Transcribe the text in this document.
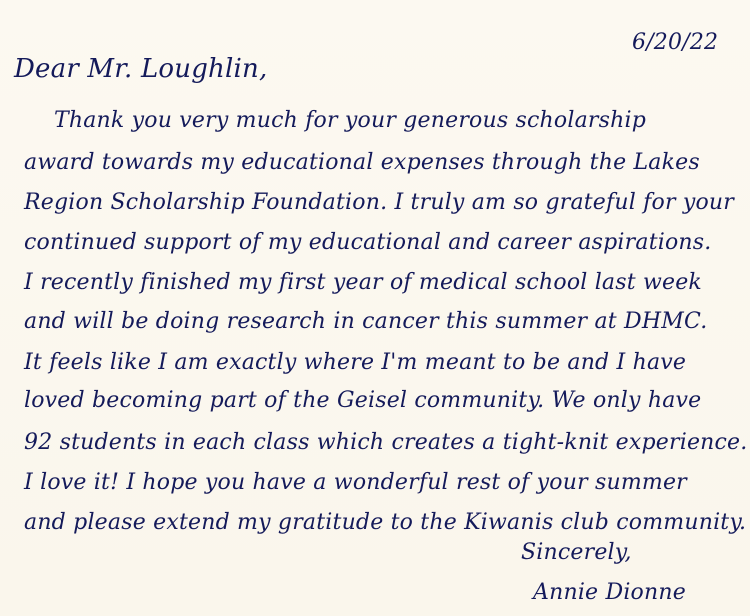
6/20/22
Dear Mr. Loughlin,
Thank you very much for your generous scholarship
award towards my educational expenses through the Lakes
Region Scholarship Foundation. I truly am so grateful for your
continued support of my educational and career aspirations.
I recently finished my first year of medical school last week
and will be doing research in cancer this summer at DHMC.
It feels like I am exactly where I'm meant to be and I have
loved becoming part of the Geisel community. We only have
92 students in each class which creates a tight-knit experience.
I love it! I hope you have a wonderful rest of your summer
and please extend my gratitude to the Kiwanis club community.
Sincerely,
Annie Dionne
